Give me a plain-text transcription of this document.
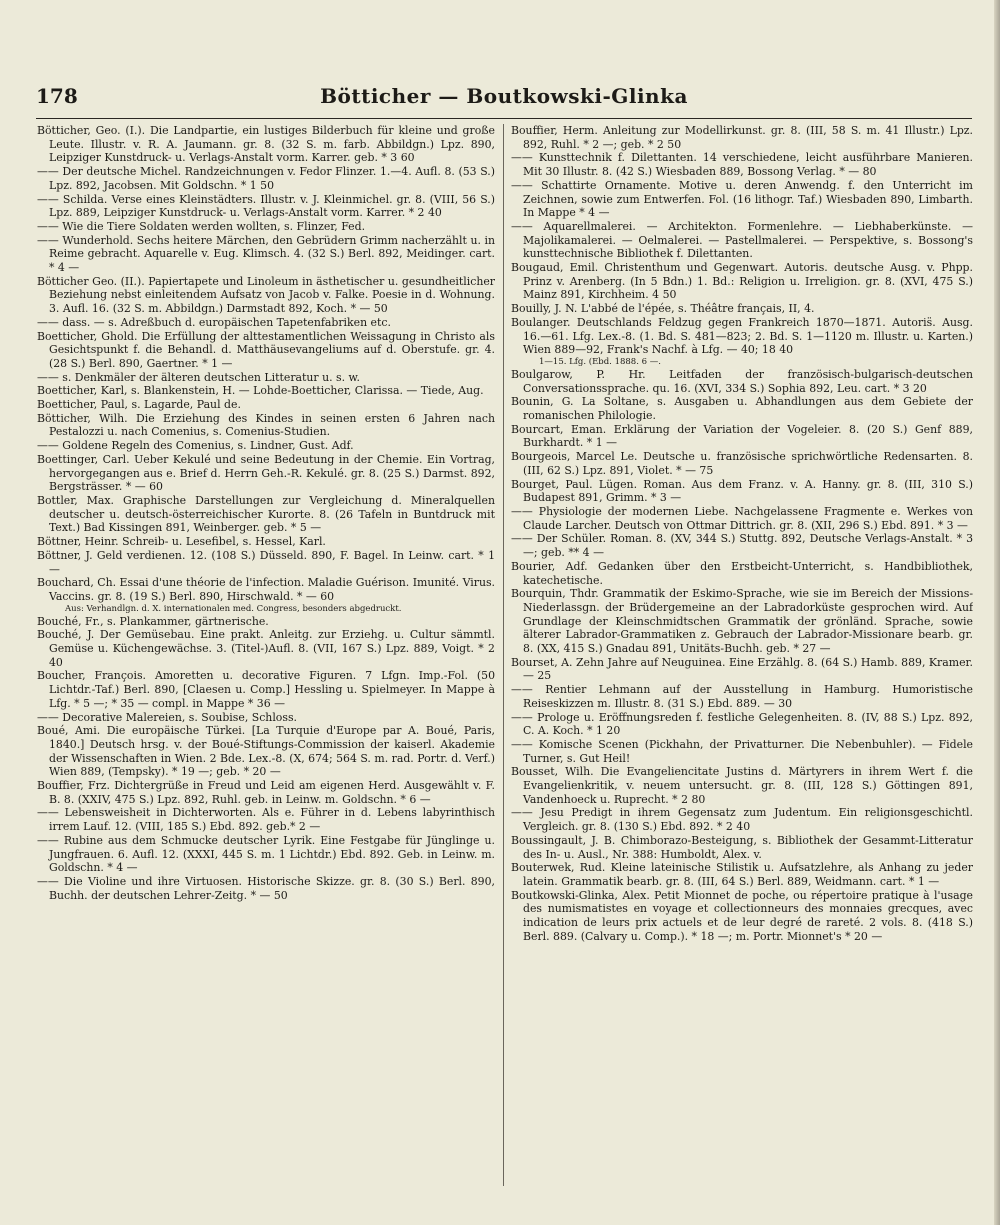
178	Bötticher — Boutkowski-Glinka

Bötticher, Geo. (I.). Die Landpartie, ein lustiges Bilderbuch für kleine und große Leute. Illustr. v. R. A. Jaumann. gr. 8. (32 S. m. farb. Abbildgn.) Lpz. 890, Leipziger Kunstdruck- u. Verlags-Anstalt vorm. Karrer. geb. * 3 60

—— Der deutsche Michel. Randzeichnungen v. Fedor Flinzer. 1.—4. Aufl. 8. (53 S.) Lpz. 892, Jacobsen. Mit Goldschn. * 1 50

—— Schilda. Verse eines Kleinstädters. Illustr. v. J. Kleinmichel. gr. 8. (VIII, 56 S.) Lpz. 889, Leipziger Kunstdruck- u. Verlags-Anstalt vorm. Karrer. * 2 40

—— Wie die Tiere Soldaten werden wollten, s. Flinzer, Fed.

—— Wunderhold. Sechs heitere Märchen, den Gebrüdern Grimm nacherzählt u. in Reime gebracht. Aquarelle v. Eug. Klimsch. 4. (32 S.) Berl. 892, Meidinger. cart. * 4 —

Bötticher Geo. (II.). Papiertapete und Linoleum in ästhetischer u. gesundheitlicher Beziehung nebst einleitendem Aufsatz von Jacob v. Falke. Poesie in d. Wohnung. 3. Aufl. 16. (32 S. m. Abbildgn.) Darmstadt 892, Koch. * — 50

—— dass. — s. Adreßbuch d. europäischen Tapetenfabriken etc.

Boetticher, Ghold. Die Erfüllung der alttestamentlichen Weissagung in Christo als Gesichtspunkt f. die Behandl. d. Matthäusevangeliums auf d. Oberstufe. gr. 4. (28 S.) Berl. 890, Gaertner. * 1 —

—— s. Denkmäler der älteren deutschen Litteratur u. s. w.

Boetticher, Karl, s. Blankenstein, H. — Lohde-Boetticher, Clarissa. — Tiede, Aug.

Boetticher, Paul, s. Lagarde, Paul de.

Bötticher, Wilh. Die Erziehung des Kindes in seinen ersten 6 Jahren nach Pestalozzi u. nach Comenius, s. Comenius-Studien.

—— Goldene Regeln des Comenius, s. Lindner, Gust. Adf.

Boettinger, Carl. Ueber Kekulé und seine Bedeutung in der Chemie. Ein Vortrag, hervorgegangen aus e. Brief d. Herrn Geh.-R. Kekulé. gr. 8. (25 S.) Darmst. 892, Bergsträsser. * — 60

Bottler, Max. Graphische Darstellungen zur Vergleichung d. Mineralquellen deutscher u. deutsch-österreichischer Kurorte. 8. (26 Tafeln in Buntdruck mit Text.) Bad Kissingen 891, Weinberger. geb. * 5 —

Böttner, Heinr. Schreib- u. Lesefibel, s. Hessel, Karl.

Böttner, J. Geld verdienen. 12. (108 S.) Düsseld. 890, F. Bagel. In Leinw. cart. * 1 —

Bouchard, Ch. Essai d'une théorie de l'infection. Maladie Guérison. Imunité. Virus. Vaccins. gr. 8. (19 S.) Berl. 890, Hirschwald. * — 60

Aus: Verhandlgn. d. X. internationalen med. Congress, besonders abgedruckt.

Bouché, Fr., s. Plankammer, gärtnerische.

Bouché, J. Der Gemüsebau. Eine prakt. Anleitg. zur Erziehg. u. Cultur sämmtl. Gemüse u. Küchengewächse. 3. (Titel-)Aufl. 8. (VII, 167 S.) Lpz. 889, Voigt. * 2 40

Boucher, François. Amoretten u. decorative Figuren. 7 Lfgn. Imp.-Fol. (50 Lichtdr.-Taf.) Berl. 890, [Claesen u. Comp.] Hessling u. Spielmeyer. In Mappe à Lfg. * 5 —; * 35 — compl. in Mappe * 36 —

—— Decorative Malereien, s. Soubise, Schloss.

Boué, Ami. Die europäische Türkei. [La Turquie d'Europe par A. Boué, Paris, 1840.] Deutsch hrsg. v. der Boué-Stiftungs-Commission der kaiserl. Akademie der Wissenschaften in Wien. 2 Bde. Lex.-8. (X, 674; 564 S. m. rad. Portr. d. Verf.) Wien 889, (Tempsky). * 19 —; geb. * 20 —

Bouffier, Frz. Dichtergrüße in Freud und Leid am eigenen Herd. Ausgewählt v. F. B. 8. (XXIV, 475 S.) Lpz. 892, Ruhl. geb. in Leinw. m. Goldschn. * 6 —

—— Lebensweisheit in Dichterworten. Als e. Führer in d. Lebens labyrinthisch irrem Lauf. 12. (VIII, 185 S.) Ebd. 892. geb.* 2 —

—— Rubine aus dem Schmucke deutscher Lyrik. Eine Festgabe für Jünglinge u. Jungfrauen. 6. Aufl. 12. (XXXI, 445 S. m. 1 Lichtdr.) Ebd. 892. Geb. in Leinw. m. Goldschn. * 4 —

—— Die Violine und ihre Virtuosen. Historische Skizze. gr. 8. (30 S.) Berl. 890, Buchh. der deutschen Lehrer-Zeitg. * — 50

Bouffier, Herm. Anleitung zur Modellirkunst. gr. 8. (III, 58 S. m. 41 Illustr.) Lpz. 892, Ruhl. * 2 —; geb. * 2 50

—— Kunsttechnik f. Dilettanten. 14 verschiedene, leicht ausführbare Manieren. Mit 30 Illustr. 8. (42 S.) Wiesbaden 889, Bossong Verlag. * — 80

—— Schattirte Ornamente. Motive u. deren Anwendg. f. den Unterricht im Zeichnen, sowie zum Entwerfen. Fol. (16 lithogr. Taf.) Wiesbaden 890, Limbarth. In Mappe * 4 —

—— Aquarellmalerei. — Architekton. Formenlehre. — Liebhaberkünste. — Majolikamalerei. — Oelmalerei. — Pastellmalerei. — Perspektive, s. Bossong's kunsttechnische Bibliothek f. Dilettanten.

Bougaud, Emil. Christenthum und Gegenwart. Autoris. deutsche Ausg. v. Phpp. Prinz v. Arenberg. (In 5 Bdn.) 1. Bd.: Religion u. Irreligion. gr. 8. (XVI, 475 S.) Mainz 891, Kirchheim. 4 50

Bouilly, J. N. L'abbé de l'épée, s. Théâtre français, II, 4.

Boulanger. Deutschlands Feldzug gegen Frankreich 1870—1871. Autoris̈. Ausg. 16.—61. Lfg. Lex.-8. (1. Bd. S. 481—823; 2. Bd. S. 1—1120 m. Illustr. u. Karten.) Wien 889—92, Frank's Nachf. à Lfg. — 40; 18 40

1—15. Lfg. (Ebd. 1888. 6 —.

Boulgarow, P. Hr. Leitfaden der französisch-bulgarisch-deutschen Conversationssprache. qu. 16. (XVI, 334 S.) Sophia 892, Leu. cart. * 3 20

Bounin, G. La Soltane, s. Ausgaben u. Abhandlungen aus dem Gebiete der romanischen Philologie.

Bourcart, Eman. Erklärung der Variation der Vogeleier. 8. (20 S.) Genf 889, Burkhardt. * 1 —

Bourgeois, Marcel Le. Deutsche u. französische sprichwörtliche Redensarten. 8. (III, 62 S.) Lpz. 891, Violet. * — 75

Bourget, Paul. Lügen. Roman. Aus dem Franz. v. A. Hanny. gr. 8. (III, 310 S.) Budapest 891, Grimm. * 3 —

—— Physiologie der modernen Liebe. Nachgelassene Fragmente e. Werkes von Claude Larcher. Deutsch von Ottmar Dittrich. gr. 8. (XII, 296 S.) Ebd. 891. * 3 —

—— Der Schüler. Roman. 8. (XV, 344 S.) Stuttg. 892, Deutsche Verlags-Anstalt. * 3 —; geb. ** 4 —

Bourier, Adf. Gedanken über den Erstbeicht-Unterricht, s. Handbibliothek, katechetische.

Bourquin, Thdr. Grammatik der Eskimo-Sprache, wie sie im Bereich der Missions-Niederlassgn. der Brüdergemeine an der Labradorküste gesprochen wird. Auf Grundlage der Kleinschmidtschen Grammatik der grönländ. Sprache, sowie älterer Labrador-Grammatiken z. Gebrauch der Labrador-Missionare bearb. gr. 8. (XX, 415 S.) Gnadau 891, Unitäts-Buchh. geb. * 27 —

Bourset, A. Zehn Jahre auf Neuguinea. Eine Erzählg. 8. (64 S.) Hamb. 889, Kramer. — 25

—— Rentier Lehmann auf der Ausstellung in Hamburg. Humoristische Reiseskizzen m. Illustr. 8. (31 S.) Ebd. 889. — 30

—— Prologe u. Eröffnungsreden f. festliche Gelegenheiten. 8. (IV, 88 S.) Lpz. 892, C. A. Koch. * 1 20

—— Komische Scenen (Pickhahn, der Privatturner. Die Nebenbuhler). — Fidele Turner, s. Gut Heil!

Bousset, Wilh. Die Evangeliencitate Justins d. Märtyrers in ihrem Wert f. die Evangelienkritik, v. neuem untersucht. gr. 8. (III, 128 S.) Göttingen 891, Vandenhoeck u. Ruprecht. * 2 80

—— Jesu Predigt in ihrem Gegensatz zum Judentum. Ein religionsgeschichtl. Vergleich. gr. 8. (130 S.) Ebd. 892. * 2 40

Boussingault, J. B. Chimborazo-Besteigung, s. Bibliothek der Gesammt-Litteratur des In- u. Ausl., Nr. 388: Humboldt, Alex. v.

Bouterwek, Rud. Kleine lateinische Stilistik u. Aufsatzlehre, als Anhang zu jeder latein. Grammatik bearb. gr. 8. (III, 64 S.) Berl. 889, Weidmann. cart. * 1 —

Boutkowski-Glinka, Alex. Petit Mionnet de poche, ou répertoire pratique à l'usage des numismatistes en voyage et collectionneurs des monnaies grecques, avec indication de leurs prix actuels et de leur degré de rareté. 2 vols. 8. (418 S.) Berl. 889. (Calvary u. Comp.). * 18 —; m. Portr. Mionnet's * 20 —
